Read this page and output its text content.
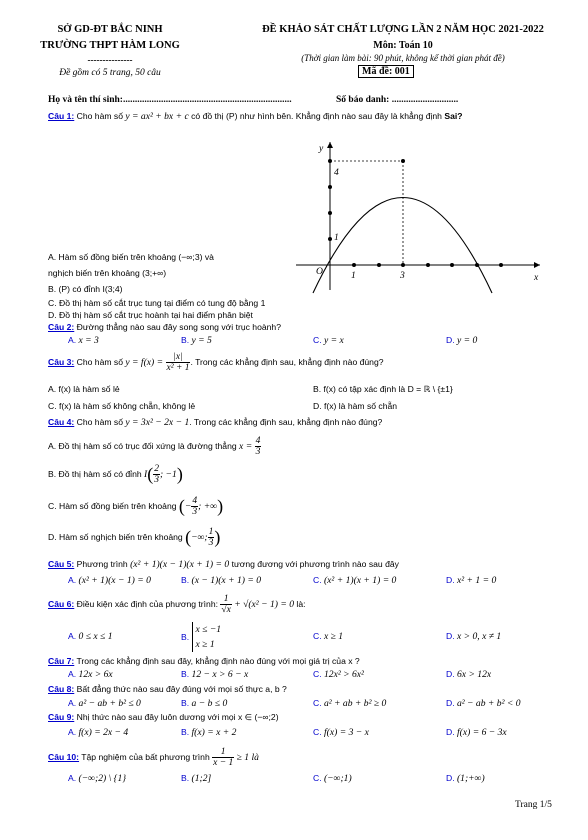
SỞ GD-ĐT BẮC NINH
TRƯỜNG THPT HÀM LONG
---------------
Đề gồm có 5 trang, 50 câu
ĐỀ KHẢO SÁT CHẤT LƯỢNG LẦN 2 NĂM HỌC 2021-2022
Môn: Toán 10
(Thời gian làm bài: 90 phút, không kể thời gian phát đề)
Mã đề: 001
Họ và tên thí sinh:.......................................................................	Số báo danh: ............................
Câu 1: Cho hàm số y = ax² + bx + c có đồ thị (P) như hình bên. Khẳng định nào sau đây là khẳng định Sai?
y
x
O
4
1
1	3
A. Hàm số đồng biến trên khoảng (−∞;3) và
nghịch biến trên khoảng (3;+∞)
B. (P) có đỉnh I(3;4)
C. Đồ thị hàm số cắt trục tung tại điểm có tung độ bằng 1
D. Đồ thị hàm số cắt trục hoành tại hai điểm phân biệt
Câu 2: Đường thẳng nào sau đây song song với trục hoành?
A. x = 3	B. y = 5	C. y = x	D. y = 0
Câu 3: Cho hàm số $y = f(x) = \frac{|x|}{\text{x² + 1}}$ . Trong các khẳng định sau, khẳng định nào đúng?
A. f(x) là hàm số lẻ	B. f(x) có tập xác định là D = ℝ \ {±1}
C. f(x) là hàm số không chẵn, không lẻ	D. f(x) là hàm số chẵn
Câu 4: Cho hàm số y = 3x² − 2x − 1. Trong các khẳng định sau, khẳng định nào đúng?
A. Đồ thị hàm số có trục đối xứng là đường thẳng $x = \frac{4}{3}$
B. Đồ thị hàm số có đỉnh $I( \frac{2}{3}$ ; −1)
C. Hàm số đồng biến trên khoảng (− $\frac{4}{3}$ ; +∞)
D. Hàm số nghịch biến trên khoảng (−∞; $\frac{1}{3}$ )
Câu 5: Phương trình (x² + 1)(x − 1)(x + 1) = 0 tương đương với phương trình nào sau đây
A. (x² + 1)(x − 1) = 0	B. (x − 1)(x + 1) = 0	C. (x² + 1)(x + 1) = 0	D. x² + 1 = 0
Câu 6: Điều kiện xác định của phương trình: $\frac{1}{√x} + √(x^2 - 1) = 0$ là:
A. 0 ≤ x ≤ 1	B.
x ≤ −1
x ≥ 1
C. x ≥ 1	D. x > 0, x ≠ 1
Câu 7: Trong các khẳng định sau đây, khẳng định nào đúng với mọi giá trị của x ?
A. 12x > 6x	B. 12 − x > 6 − x	C. 12x² > 6x²	D. 6x > 12x
Câu 8: Bất đẳng thức nào sau đây đúng với mọi số thực a, b ?
A. a² − ab + b² ≤ 0	B. a − b ≤ 0	C. a² + ab + b² ≥ 0	D. a² − ab + b² < 0
Câu 9: Nhị thức nào sau đây luôn dương với mọi x ∈ (−∞;2)
A. f(x) = 2x − 4	B. f(x) = x + 2	C. f(x) = 3 − x	D. f(x) = 6 − 3x
Câu 10: Tập nghiệm của bất phương trình $\frac{1}{x - 1} \ge 1$ là
A. (−∞;2) \ {1}	B. (1;2]	C. (−∞;1)	D. (1;+∞)
Trang 1/5
